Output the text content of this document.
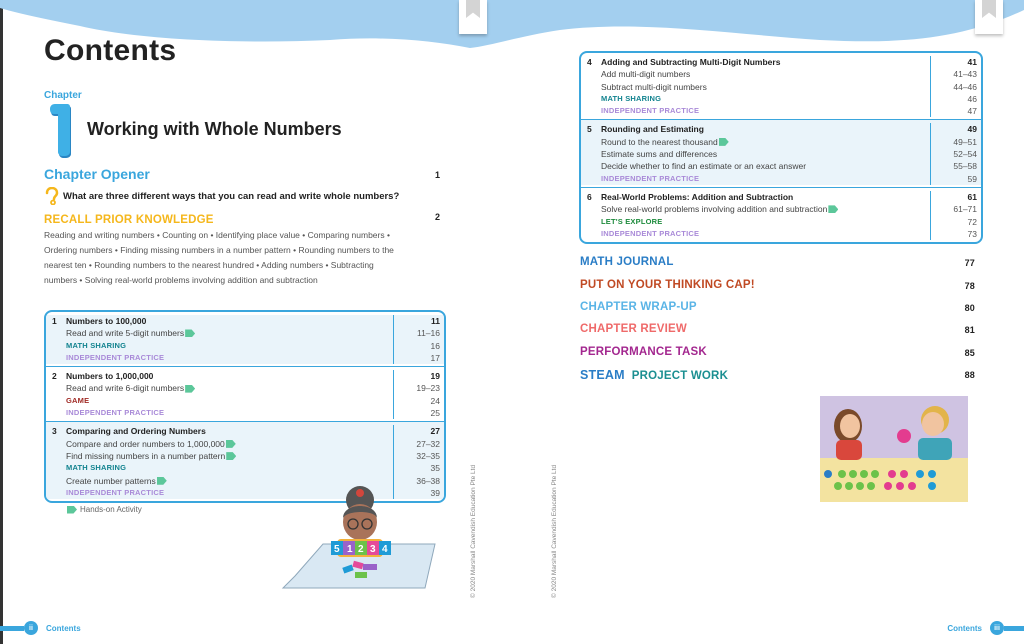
Contents
Chapter
Working with Whole Numbers
Chapter Opener	1
What are three different ways that you can read and write whole numbers?
RECALL PRIOR KNOWLEDGE	2
Reading and writing numbers • Counting on • Identifying place value • Comparing numbers • Ordering numbers • Finding missing numbers in a number pattern • Rounding numbers to the nearest ten • Rounding numbers to the nearest hundred • Adding numbers • Subtracting numbers • Solving real-world problems involving addition and subtraction
1	Numbers to 100,000	11
Read and write 5-digit numbers	11–16
MATH SHARING	16
INDEPENDENT PRACTICE	17
2	Numbers to 1,000,000	19
Read and write 6-digit numbers	19–23
GAME	24
INDEPENDENT PRACTICE	25
3	Comparing and Ordering Numbers	27
Compare and order numbers to 1,000,000	27–32
Find missing numbers in a number pattern	32–35
MATH SHARING	35
Create number patterns	36–38
INDEPENDENT PRACTICE	39
Hands-on Activity
5 1 2 3 4	© 2020 Marshall Cavendish Education Pte Ltd	© 2020 Marshall Cavendish Education Pte Ltd
4	Adding and Subtracting Multi-Digit Numbers	41
Add multi-digit numbers	41–43
Subtract multi-digit numbers	44–46
MATH SHARING	46
INDEPENDENT PRACTICE	47
5	Rounding and Estimating	49
Round to the nearest thousand	49–51
Estimate sums and differences	52–54
Decide whether to find an estimate or an exact answer	55–58
INDEPENDENT PRACTICE	59
6	Real-World Problems: Addition and Subtraction	61
Solve real-world problems involving addition and subtraction	61–71
LET'S EXPLORE	72
INDEPENDENT PRACTICE	73
MATH JOURNAL	77
PUT ON YOUR THINKING CAP!	78
CHAPTER WRAP-UP	80
CHAPTER REVIEW	81
PERFORMANCE TASK	85
STEAM PROJECT WORK	88
ii	Contents	Contents	iii
